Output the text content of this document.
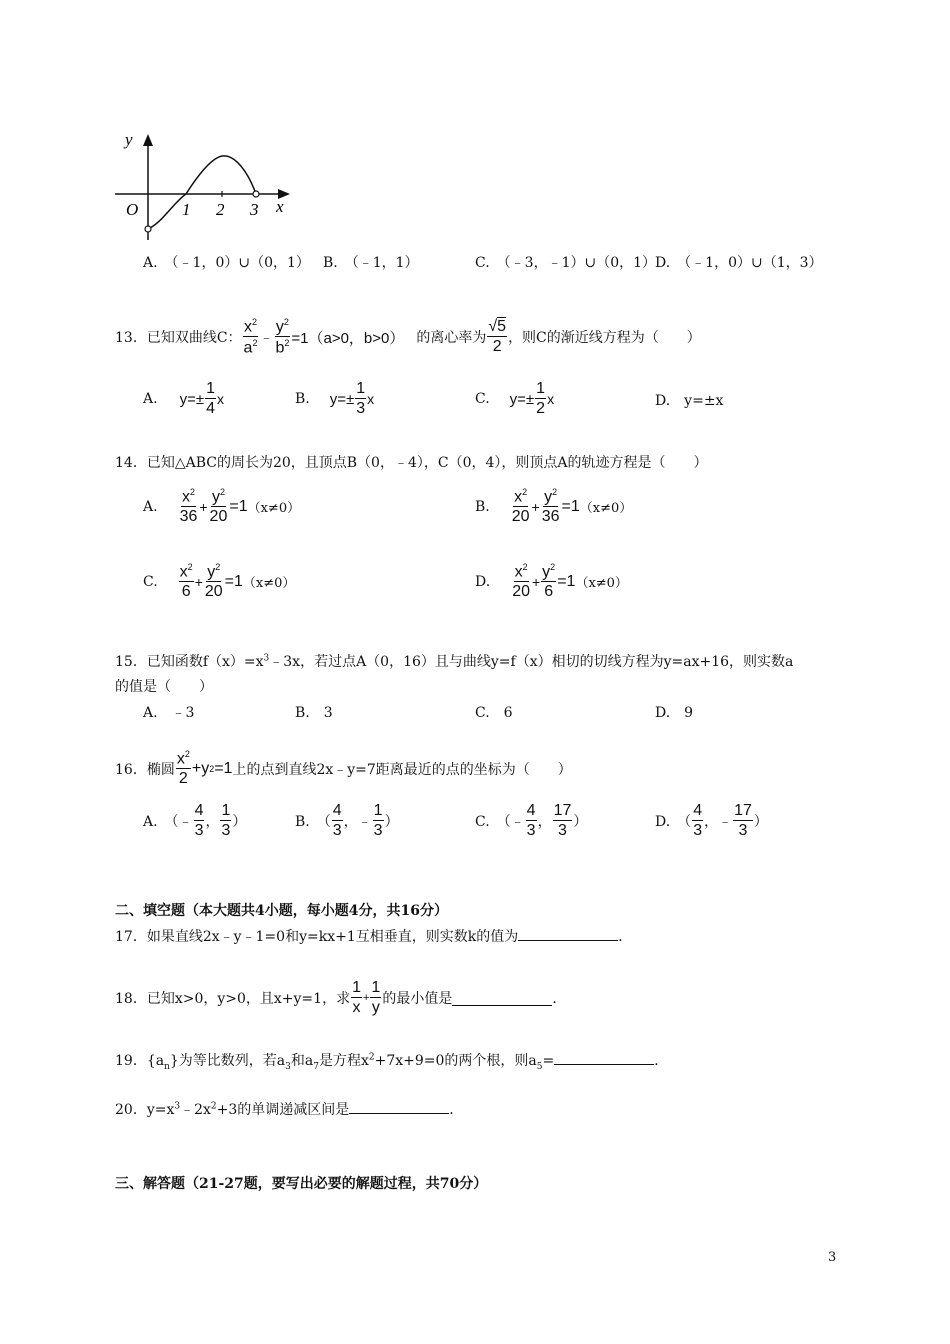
y
x
O	1 2 3
A.　（﹣1，0）∪（0，1） B.　（﹣1，1）	C.　（﹣3，﹣1）∪（0，1）
D.　（﹣1，0）∪（1，3）
13．已知双曲线C： $\frac{x^2}{a^2}$ ﹣ $\frac{y^2}{b^2} =1(a>0$，b>0） 的离心率为 $\frac{√5}{2}$ ，则C的渐近线方程为（　　）
A. $y=\pm \frac{1}{4}$ x	B. $y=\pm \frac{1}{3}$ x	C. $y=\pm \frac{1}{2}$ x	D.　y=±x
14．已知△ABC的周长为20，且顶点B（0，﹣4），C（0，4），则顶点A的轨迹方程是（　　）
A. $\frac{x^2}{36} + \frac{y^2}{20} =1$ （x≠0）	B. $\frac{x^2}{20} + \frac{y^2}{36} =1$ （x≠0）
C. $\frac{x^2}{6} + \frac{y^2}{20} =1$ （x≠0）	D. $\frac{x^2}{20} + \frac{y^2}{6} =1$ （x≠0）
15．已知函数$f(x)=x^3﹣3x$，若过点A（0，16）且与曲线y=f（x）相切的切线方程为y=ax+16，则实数a
的值是（　　）
A.　﹣3	B.　3	C.　6	D.　9
16．椭圆 $\frac{x^2}{2} +y$ 2 =1 上的点到直线2x﹣y=7距离最近的点的坐标为（　　）
A.　（﹣ $\frac{4}{3}$ ， $\frac{1}{3}$ ）	B.　（ $\frac{4}{3}$ ，﹣ $\frac{1}{3}$ ）	C.　（﹣ $\frac{4}{3}$ ， $\frac{17}{3}$ ）	D.　（ $\frac{4}{3}$ ，﹣ $\frac{17}{3}$ ）
二、填空题（本大题共4小题，每小题4分，共16分）
17．如果直线2x﹣y﹣1=0和y=kx+1互相垂直，则实数k的值为	．
18．已知x>0，y>0，且x+y=1，求 $\frac{1}{x} + \frac{1}{y}$ 的最小值是	．
19．$\{a_n\}$为等比数列，若$a_3$和$a_7$是方程$x^2+7x+9=0$的两个根，则$a_5=$	．
20．$y=x^3﹣2x^2+3$的单调递减区间是	．
三、解答题（21-27题，要写出必要的解题过程，共70分）
3
